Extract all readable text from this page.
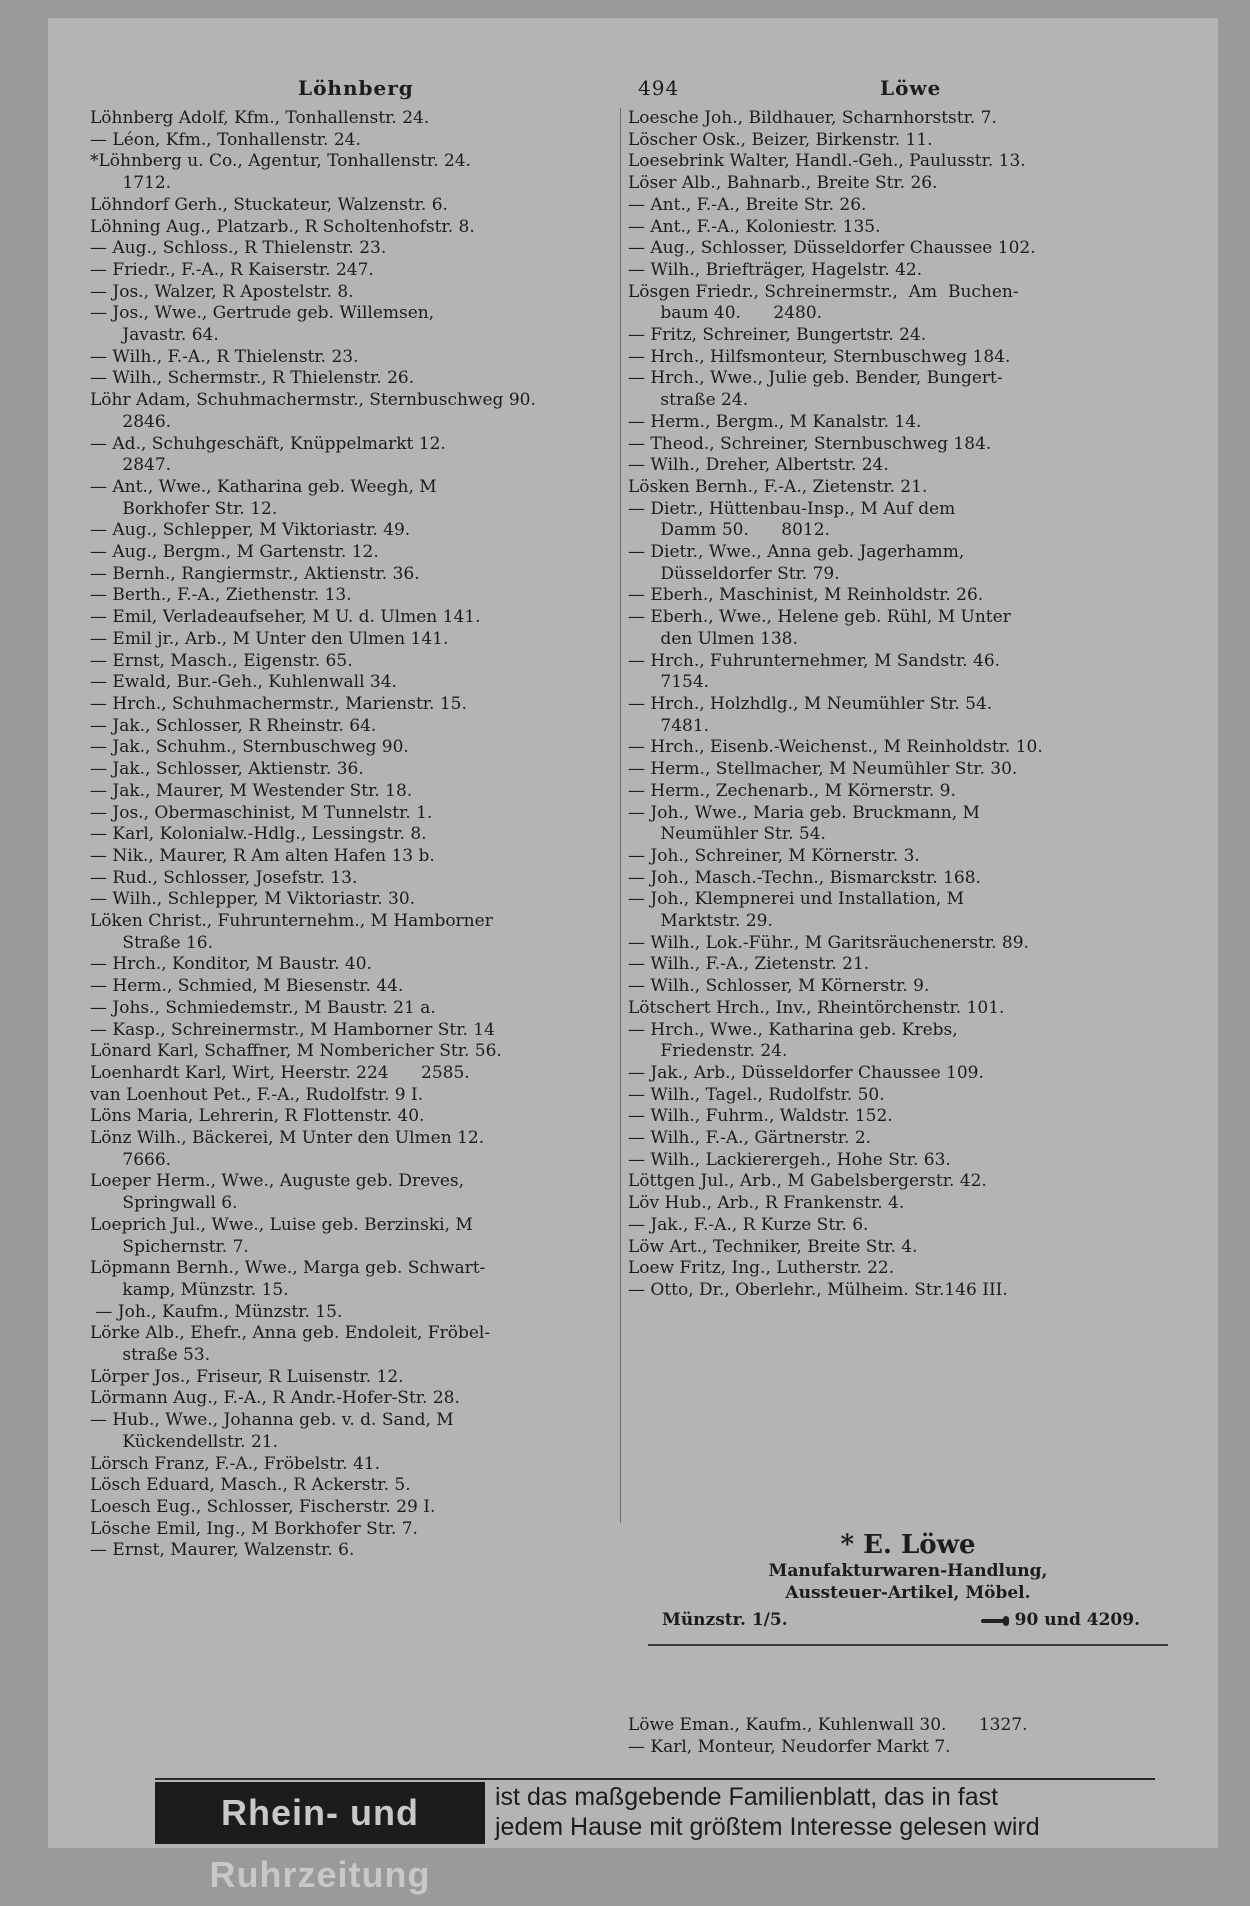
Löhnberg	494	Löwe
Löhnberg Adolf, Kfm., Tonhallenstr. 24.
— Léon, Kfm., Tonhallenstr. 24.
*Löhnberg u. Co., Agentur, Tonhallenstr. 24.
1712.
Löhndorf Gerh., Stuckateur, Walzenstr. 6.
Löhning Aug., Platzarb., R Scholtenhofstr. 8.
— Aug., Schloss., R Thielenstr. 23.
— Friedr., F.-A., R Kaiserstr. 247.
— Jos., Walzer, R Apostelstr. 8.
— Jos., Wwe., Gertrude geb. Willemsen,
Javastr. 64.
— Wilh., F.-A., R Thielenstr. 23.
— Wilh., Schermstr., R Thielenstr. 26.
Löhr Adam, Schuhmachermstr., Sternbuschweg 90.
2846.
— Ad., Schuhgeschäft, Knüppelmarkt 12.
2847.
— Ant., Wwe., Katharina geb. Weegh, M
Borkhofer Str. 12.
— Aug., Schlepper, M Viktoriastr. 49.
— Aug., Bergm., M Gartenstr. 12.
— Bernh., Rangiermstr., Aktienstr. 36.
— Berth., F.-A., Ziethenstr. 13.
— Emil, Verladeaufseher, M U. d. Ulmen 141.
— Emil jr., Arb., M Unter den Ulmen 141.
— Ernst, Masch., Eigenstr. 65.
— Ewald, Bur.-Geh., Kuhlenwall 34.
— Hrch., Schuhmachermstr., Marienstr. 15.
— Jak., Schlosser, R Rheinstr. 64.
— Jak., Schuhm., Sternbuschweg 90.
— Jak., Schlosser, Aktienstr. 36.
— Jak., Maurer, M Westender Str. 18.
— Jos., Obermaschinist, M Tunnelstr. 1.
— Karl, Kolonialw.-Hdlg., Lessingstr. 8.
— Nik., Maurer, R Am alten Hafen 13 b.
— Rud., Schlosser, Josefstr. 13.
— Wilh., Schlepper, M Viktoriastr. 30.
Löken Christ., Fuhrunternehm., M Hamborner
Straße 16.
— Hrch., Konditor, M Baustr. 40.
— Herm., Schmied, M Biesenstr. 44.
— Johs., Schmiedemstr., M Baustr. 21 a.
— Kasp., Schreinermstr., M Hamborner Str. 14
Lönard Karl, Schaffner, M Nomberichеr Str. 56.
Loenhardt Karl, Wirt, Heerstr. 224      2585.
van Loenhout Pet., F.-A., Rudolfstr. 9 I.
Löns Maria, Lehrerin, R Flottenstr. 40.
Lönz Wilh., Bäckerei, M Unter den Ulmen 12.
7666.
Loeper Herm., Wwe., Auguste geb. Dreves,
Springwall 6.
Loeprich Jul., Wwe., Luise geb. Berzinski, M
Spichernstr. 7.
Löpmann Bernh., Wwe., Marga geb. Schwart-
kamp, Münzstr. 15.
— Joh., Kaufm., Münzstr. 15.
Lörke Alb., Ehefr., Anna geb. Endoleit, Fröbel-
straße 53.
Lörper Jos., Friseur, R Luisenstr. 12.
Lörmann Aug., F.-A., R Andr.-Hofer-Str. 28.
— Hub., Wwe., Johanna geb. v. d. Sand, M
Kückendellstr. 21.
Lörsch Franz, F.-A., Fröbelstr. 41.
Lösch Eduard, Masch., R Ackerstr. 5.
Loesch Eug., Schlosser, Fischerstr. 29 I.
Lösche Emil, Ing., M Borkhofer Str. 7.
— Ernst, Maurer, Walzenstr. 6.
Loesche Joh., Bildhauer, Scharnhorststr. 7.
Löscher Osk., Beizer, Birkenstr. 11.
Loesebrink Walter, Handl.-Geh., Paulusstr. 13.
Löser Alb., Bahnarb., Breite Str. 26.
— Ant., F.-A., Breite Str. 26.
— Ant., F.-A., Koloniestr. 135.
— Aug., Schlosser, Düsseldorfer Chaussee 102.
— Wilh., Briefträger, Hagelstr. 42.
Lösgen Friedr., Schreinermstr.,  Am  Buchen-
baum 40.      2480.
— Fritz, Schreiner, Bungertstr. 24.
— Hrch., Hilfsmonteur, Sternbuschweg 184.
— Hrch., Wwe., Julie geb. Bender, Bungert-
straße 24.
— Herm., Bergm., M Kanalstr. 14.
— Theod., Schreiner, Sternbuschweg 184.
— Wilh., Dreher, Albertstr. 24.
Lösken Bernh., F.-A., Zietenstr. 21.
— Dietr., Hüttenbau-Insp., M Auf dem
Damm 50.      8012.
— Dietr., Wwe., Anna geb. Jagerhamm,
Düsseldorfer Str. 79.
— Eberh., Maschinist, M Reinholdstr. 26.
— Eberh., Wwe., Helene geb. Rühl, M Unter
den Ulmen 138.
— Hrch., Fuhrunternehmer, M Sandstr. 46.
7154.
— Hrch., Holzhdlg., M Neumühler Str. 54.
7481.
— Hrch., Eisenb.-Weichenst., M Reinholdstr. 10.
— Herm., Stellmacher, M Neumühler Str. 30.
— Herm., Zechenarb., M Körnerstr. 9.
— Joh., Wwe., Maria geb. Bruckmann, M
Neumühler Str. 54.
— Joh., Schreiner, M Körnerstr. 3.
— Joh., Masch.-Techn., Bismarckstr. 168.
— Joh., Klempnerei und Installation, M
Marktstr. 29.
— Wilh., Lok.-Führ., M Garitsräuchenerstr. 89.
— Wilh., F.-A., Zietenstr. 21.
— Wilh., Schlosser, M Körnerstr. 9.
Lötschert Hrch., Inv., Rheintörchenstr. 101.
— Hrch., Wwe., Katharina geb. Krebs,
Friedenstr. 24.
— Jak., Arb., Düsseldorfer Chaussee 109.
— Wilh., Tagel., Rudolfstr. 50.
— Wilh., Fuhrm., Waldstr. 152.
— Wilh., F.-A., Gärtnerstr. 2.
— Wilh., Lackierergeh., Hohe Str. 63.
Löttgen Jul., Arb., M Gabelsbergerstr. 42.
Löv Hub., Arb., R Frankenstr. 4.
— Jak., F.-A., R Kurze Str. 6.
Löw Art., Techniker, Breite Str. 4.
Loew Fritz, Ing., Lutherstr. 22.
— Otto, Dr., Oberlehr., Mülheim. Str.146 III.
* E. Löwe
Manufakturwaren-Handlung,
Aussteuer-Artikel, Möbel.
Münzstr. 1/5.	90 und 4209.
Löwe Eman., Kaufm., Kuhlenwall 30.      1327.
— Karl, Monteur, Neudorfer Markt 7.
Rhein- und Ruhrzeitung
ist das maßgebende Familienblatt, das in fast
jedem Hause mit größtem Interesse gelesen wird
